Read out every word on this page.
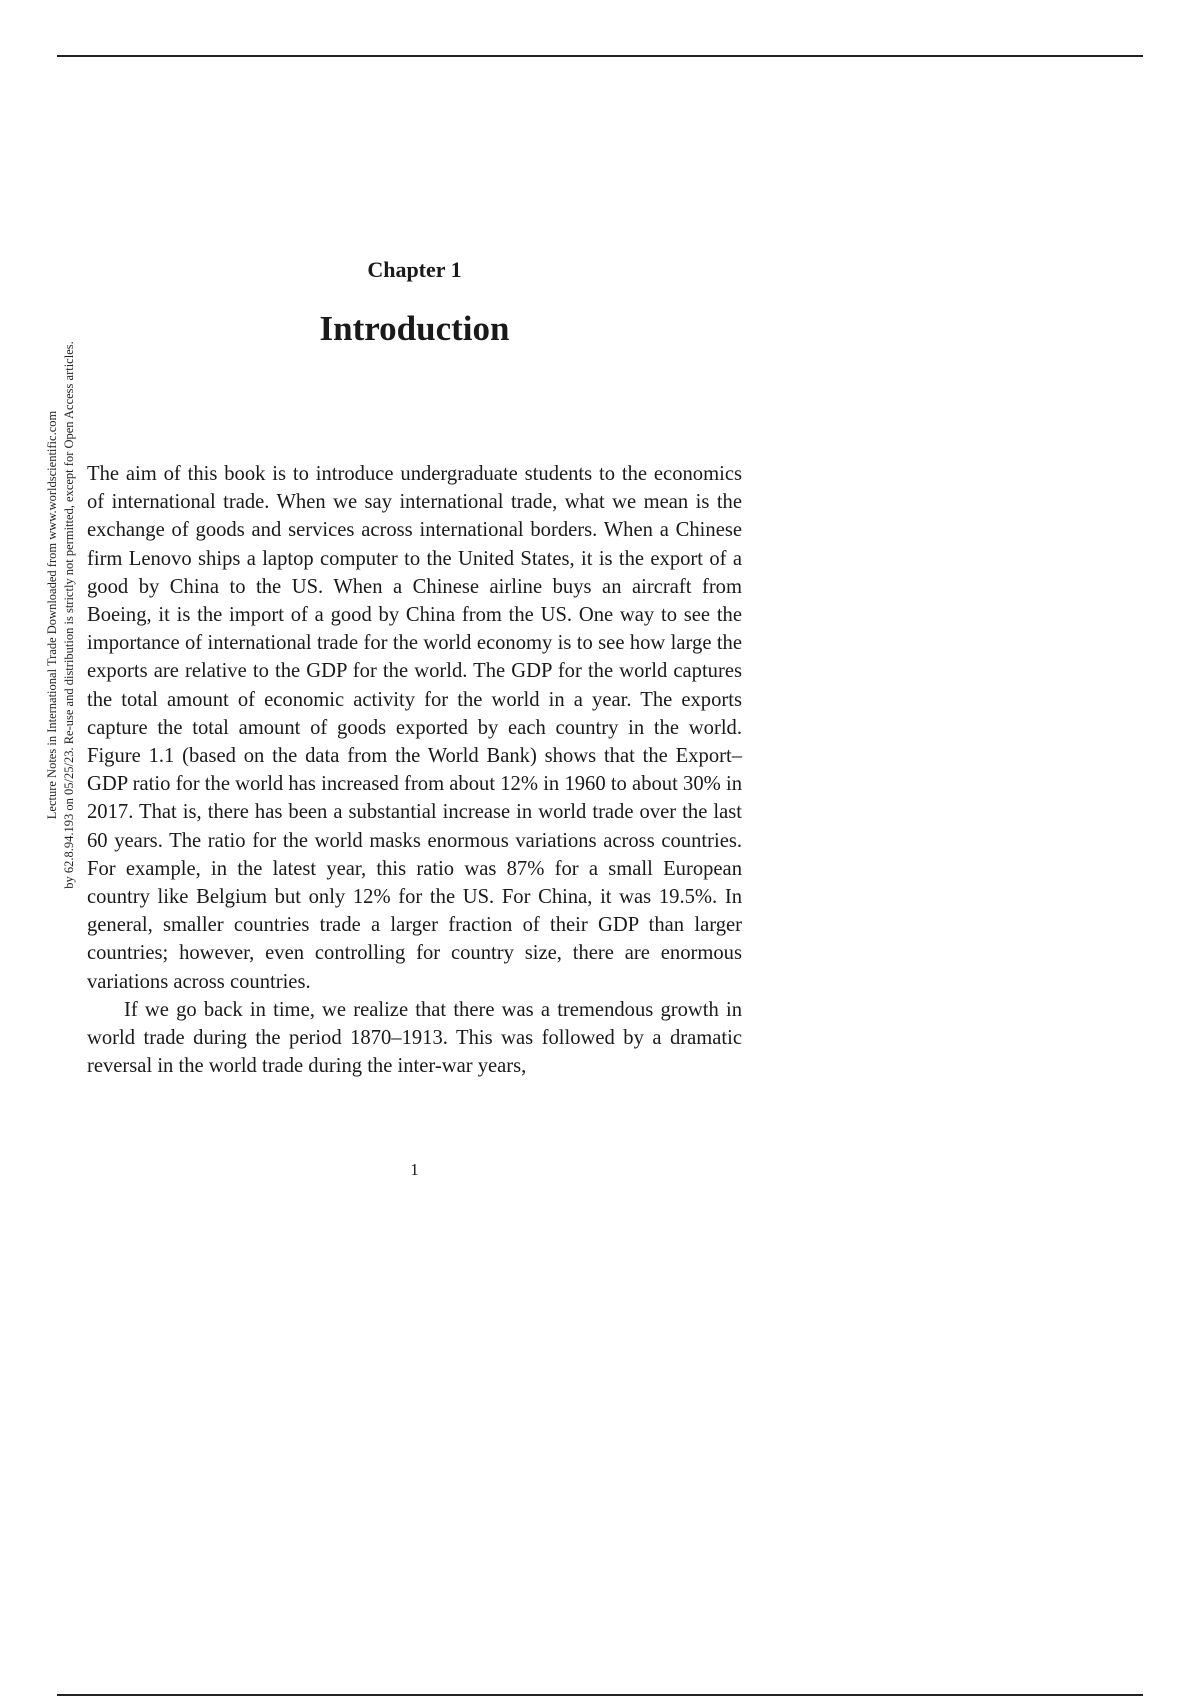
Lecture Notes in International Trade Downloaded from www.worldscientific.com by 62.8.94.193 on 05/25/23. Re-use and distribution is strictly not permitted, except for Open Access articles.
Chapter 1
Introduction

The aim of this book is to introduce undergraduate students to the economics of international trade. When we say international trade, what we mean is the exchange of goods and services across international borders. When a Chinese firm Lenovo ships a laptop computer to the United States, it is the export of a good by China to the US. When a Chinese airline buys an aircraft from Boeing, it is the import of a good by China from the US. One way to see the importance of international trade for the world economy is to see how large the exports are relative to the GDP for the world. The GDP for the world captures the total amount of economic activity for the world in a year. The exports capture the total amount of goods exported by each country in the world. Figure 1.1 (based on the data from the World Bank) shows that the Export–GDP ratio for the world has increased from about 12% in 1960 to about 30% in 2017. That is, there has been a substantial increase in world trade over the last 60 years. The ratio for the world masks enormous variations across countries. For example, in the latest year, this ratio was 87% for a small European country like Belgium but only 12% for the US. For China, it was 19.5%. In general, smaller countries trade a larger fraction of their GDP than larger countries; however, even controlling for country size, there are enormous variations across countries.

If we go back in time, we realize that there was a tremendous growth in world trade during the period 1870–1913. This was followed by a dramatic reversal in the world trade during the inter-war years,

1
